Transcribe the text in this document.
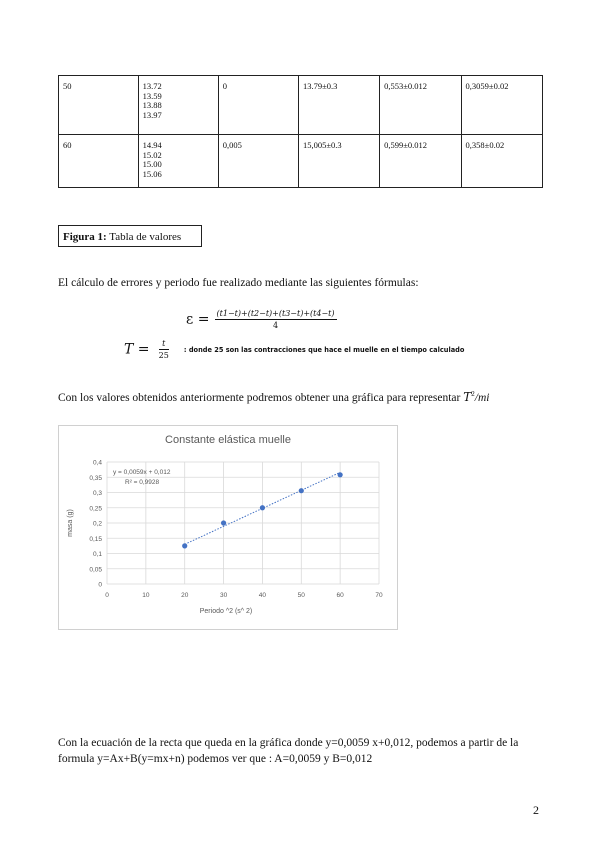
50	13.72
13.59
13.88
13.97	0	13.79±0.3	0,553±0.012	0,3059±0.02
60	14.94
15.02
15.00
15.06	0,005	15,005±0.3	0,599±0.012	0,358±0.02
Figura 1: Tabla de valores
El cálculo de errores y periodo fue realizado mediante las siguientes fórmulas:
$\varepsilon = \frac{(t1-t)+(t2-t)+(t3-t)+(t4-t)}{4}$
$T = \frac{t}{25}$ : donde 25 son las contracciones que hace el muelle en el tiempo calculado
Con los valores obtenidos anteriormente podremos obtener una gráfica para representar $T^2/mi$
Constante elástica muelle
0
0,05
0,1
0,15
0,2
0,25
0,3
0,35
0,4
0	10	20	30	40	50	60	70
Periodo ^2 (s^ 2)
masa (g)
y = 0,0059x + 0,012
R² = 0,9928
Con la ecuación de la recta que queda en la gráfica donde y=0,0059 x+0,012, podemos a partir de la
formula y=Ax+B(y=mx+n) podemos ver que : A=0,0059 y B=0,012
2
